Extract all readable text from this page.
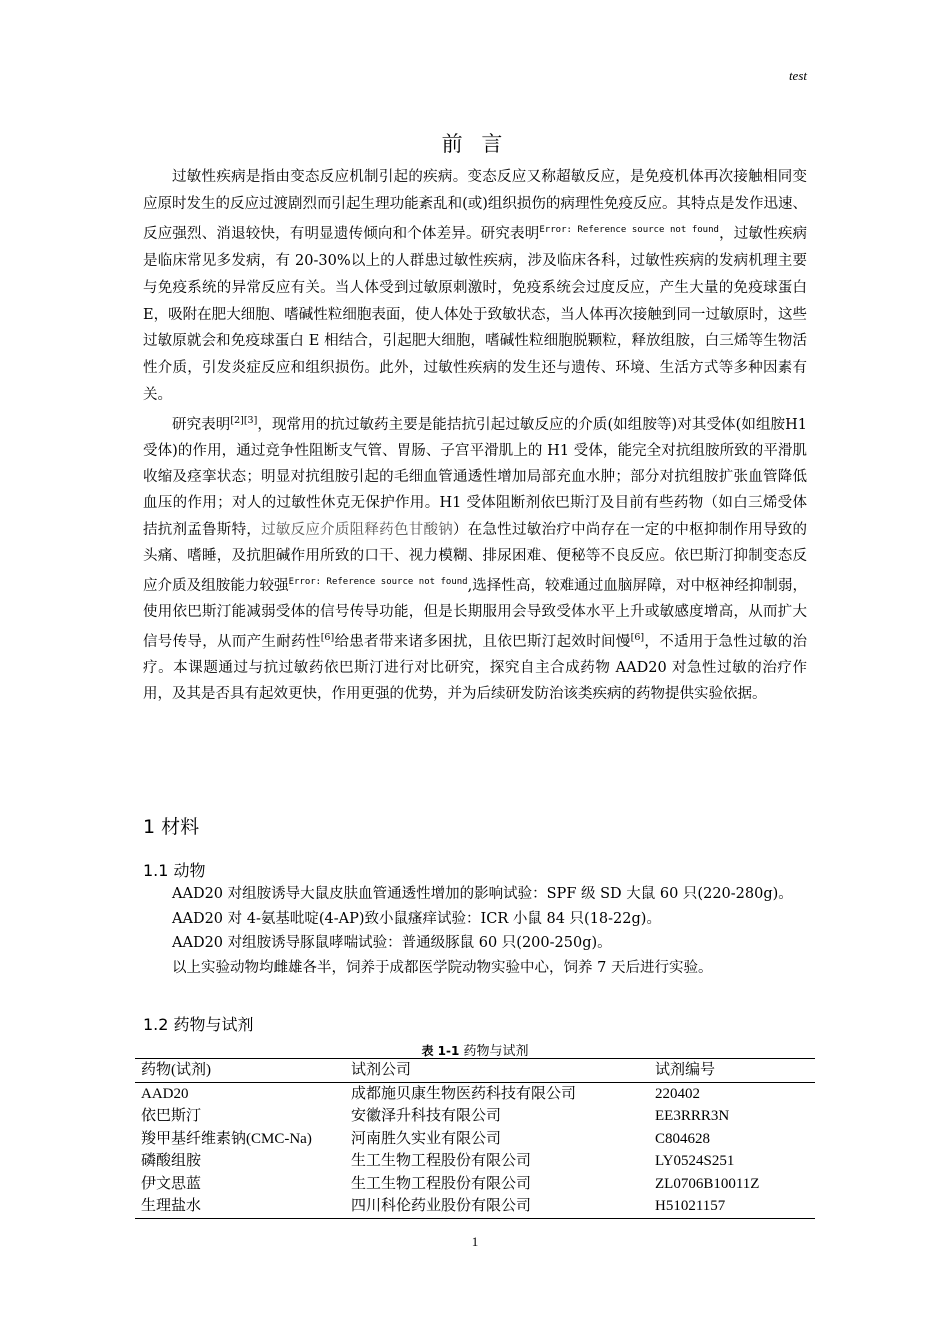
test
前 言

过敏性疾病是指由变态反应机制引起的疾病。变态反应又称超敏反应，是免疫机体再次接触相同变应原时发生的反应过渡剧烈而引起生理功能紊乱和(或)组织损伤的病理性免疫反应。其特点是发作迅速、反应强烈、消退较快，有明显遗传倾向和个体差异。研究表明$^{Error: Reference source not found}$，过敏性疾病是临床常见多发病，有 20-30%以上的人群患过敏性疾病，涉及临床各科，过敏性疾病的发病机理主要与免疫系统的异常反应有关。当人体受到过敏原刺激时，免疫系统会过度反应，产生大量的免疫球蛋白 E，吸附在肥大细胞、嗜碱性粒细胞表面，使人体处于致敏状态，当人体再次接触到同一过敏原时，这些过敏原就会和免疫球蛋白 E 相结合，引起肥大细胞，嗜碱性粒细胞脱颗粒，释放组胺，白三烯等生物活性介质，引发炎症反应和组织损伤。此外，过敏性疾病的发生还与遗传、环境、生活方式等多种因素有关。

研究表明[2][3]，现常用的抗过敏药主要是能拮抗引起过敏反应的介质(如组胺等)对其受体(如组胺H1 受体)的作用，通过竞争性阻断支气管、胃肠、子宫平滑肌上的 H1 受体，能完全对抗组胺所致的平滑肌收缩及痉挛状态；明显对抗组胺引起的毛细血管通透性增加局部充血水肿；部分对抗组胺扩张血管降低血压的作用；对人的过敏性休克无保护作用。H1 受体阻断剂依巴斯汀及目前有些药物（如白三烯受体拮抗剂孟鲁斯特，过敏反应介质阻释药色甘酸钠）在急性过敏治疗中尚存在一定的中枢抑制作用导致的头痛、嗜睡，及抗胆碱作用所致的口干、视力模糊、排尿困难、便秘等不良反应。依巴斯汀抑制变态反应介质及组胺能力较强$^{Error: Reference source not found}$,选择性高，较难通过血脑屏障，对中枢神经抑制弱，使用依巴斯汀能减弱受体的信号传导功能，但是长期服用会导致受体水平上升或敏感度增高，从而扩大信号传导，从而产生耐药性[6]给患者带来诸多困扰，且依巴斯汀起效时间慢[6]，不适用于急性过敏的治疗。本课题通过与抗过敏药依巴斯汀进行对比研究，探究自主合成药物 AAD20 对急性过敏的治疗作用，及其是否具有起效更快，作用更强的优势，并为后续研发防治该类疾病的药物提供实验依据。

1 材料
1.1 动物

AAD20 对组胺诱导大鼠皮肤血管通透性增加的影响试验：SPF 级 SD 大鼠 60 只(220-280g)。

AAD20 对 4-氨基吡啶(4-AP)致小鼠瘙痒试验：ICR 小鼠 84 只(18-22g)。

AAD20 对组胺诱导豚鼠哮喘试验：普通级豚鼠 60 只(200-250g)。

以上实验动物均雌雄各半，饲养于成都医学院动物实验中心，饲养 7 天后进行实验。

1.2 药物与试剂
表 1-1 药物与试剂
药物(试剂)	试剂公司	试剂编号
AAD20	成都施贝康生物医药科技有限公司	220402
依巴斯汀	安徽泽升科技有限公司	EE3RRR3N
羧甲基纤维素钠(CMC-Na)	河南胜久实业有限公司	C804628
磷酸组胺	生工生物工程股份有限公司	LY0524S251
伊文思蓝	生工生物工程股份有限公司	ZL0706B10011Z
生理盐水	四川科伦药业股份有限公司	H51021157
1
